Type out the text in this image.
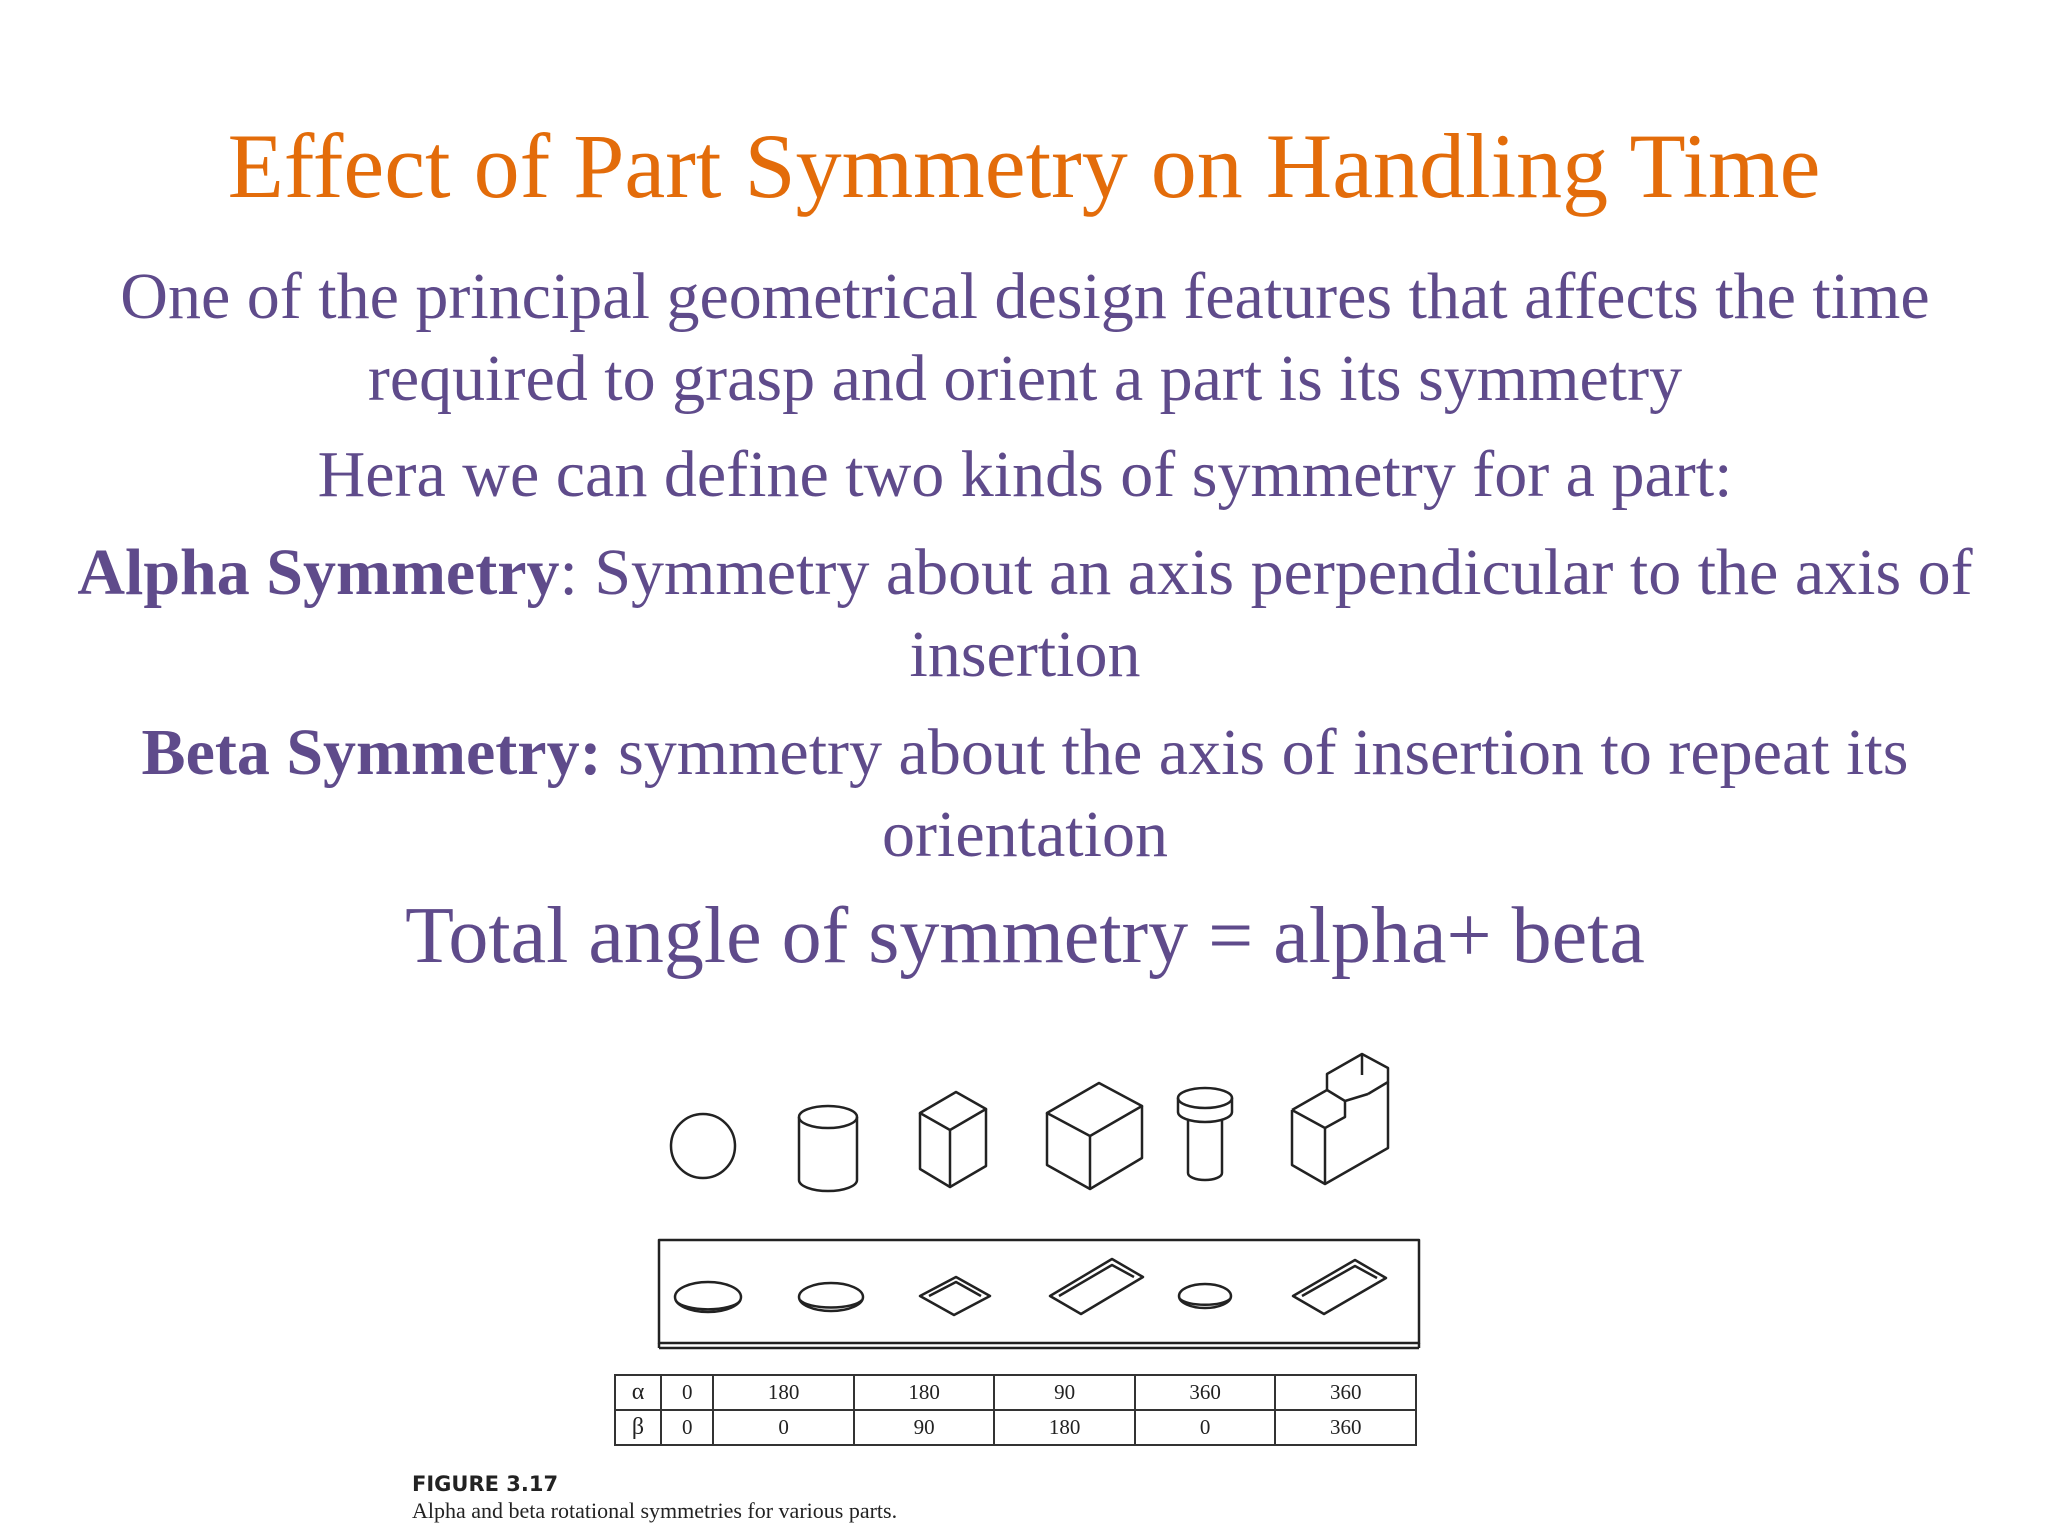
Effect of Part Symmetry on Handling Time
One of the principal geometrical design features that affects the time required to grasp and orient a part is its symmetry
Hera we can define two kinds of symmetry for a part:
Alpha Symmetry: Symmetry about an axis perpendicular to the axis of insertion
Beta Symmetry: symmetry about the axis of insertion to repeat its orientation
Total angle of symmetry = alpha+ beta
α	0	180	180	90	360	360
β	0	0	90	180	0	360
FIGURE 3.17
Alpha and beta rotational symmetries for various parts.
